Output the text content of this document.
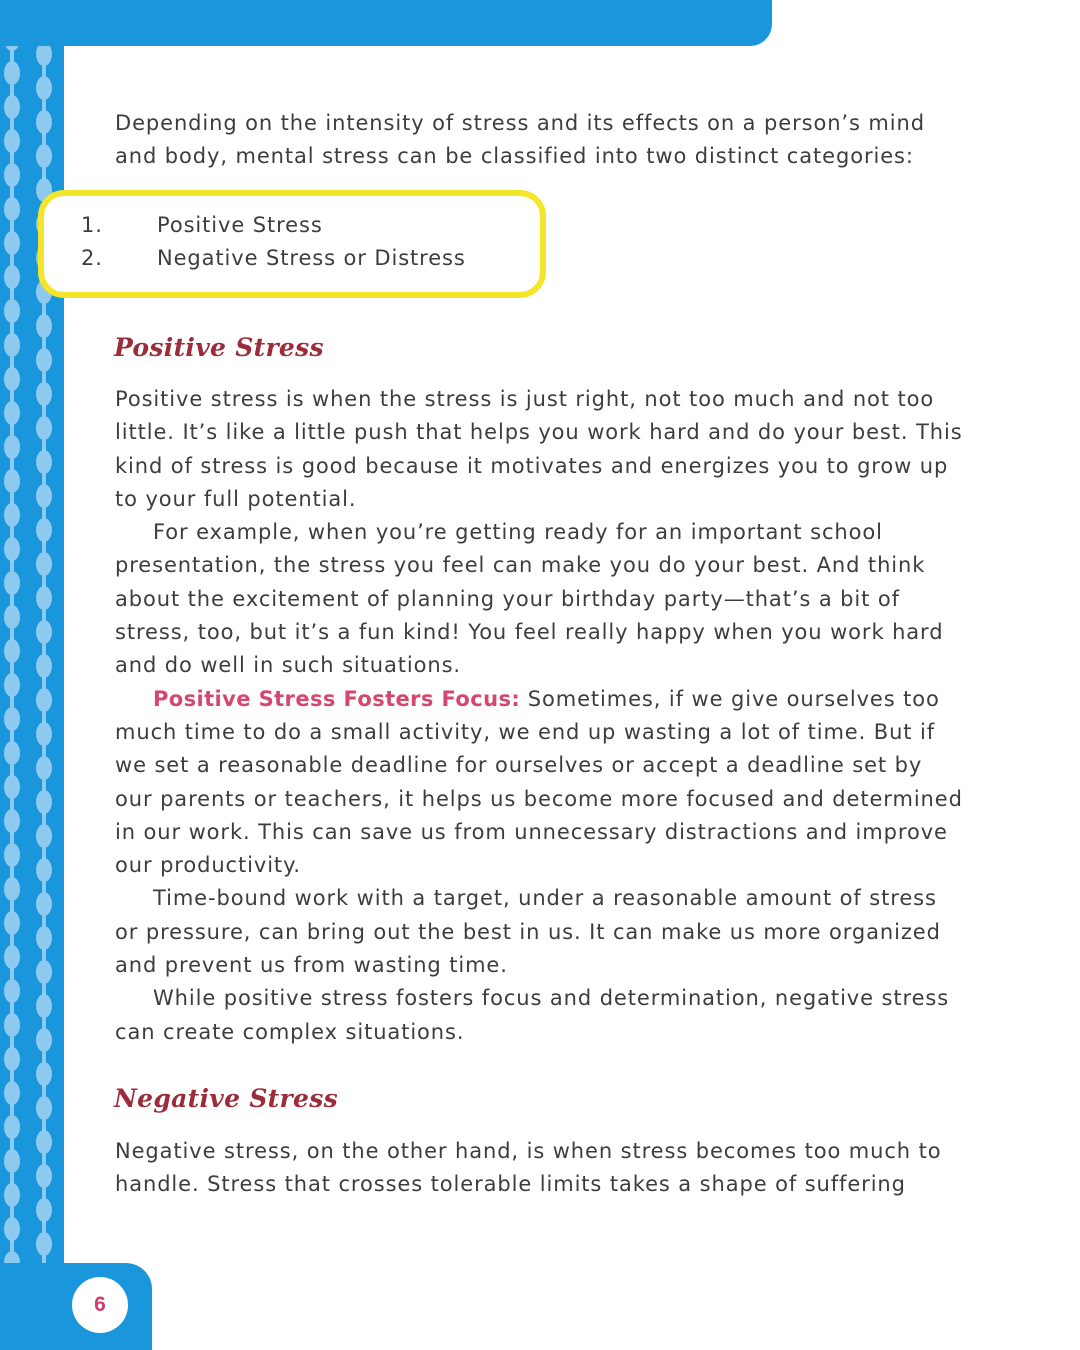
Depending on the intensity of stress and its effects on a person’s mind and body, mental stress can be classified into two distinct categories:

1.	Positive Stress
2.	Negative Stress or Distress
Positive Stress

Positive stress is when the stress is just right, not too much and not too little. It’s like a little push that helps you work hard and do your best. This kind of stress is good because it motivates and energizes you to grow up to your full potential.

For example, when you’re getting ready for an important school presentation, the stress you feel can make you do your best. And think about the excitement of planning your birthday party—that’s a bit of stress, too, but it’s a fun kind! You feel really happy when you work hard and do well in such situations.

Positive Stress Fosters Focus: Sometimes, if we give ourselves too much time to do a small activity, we end up wasting a lot of time. But if we set a reasonable deadline for ourselves or accept a deadline set by our parents or teachers, it helps us become more focused and determined in our work. This can save us from unnecessary distractions and improve our productivity.

Time-bound work with a target, under a reasonable amount of stress or pressure, can bring out the best in us. It can make us more organized and prevent us from wasting time.

While positive stress fosters focus and determination, negative stress can create complex situations.

Negative Stress

Negative stress, on the other hand, is when stress becomes too much to handle. Stress that crosses tolerable limits takes a shape of suffering

6
